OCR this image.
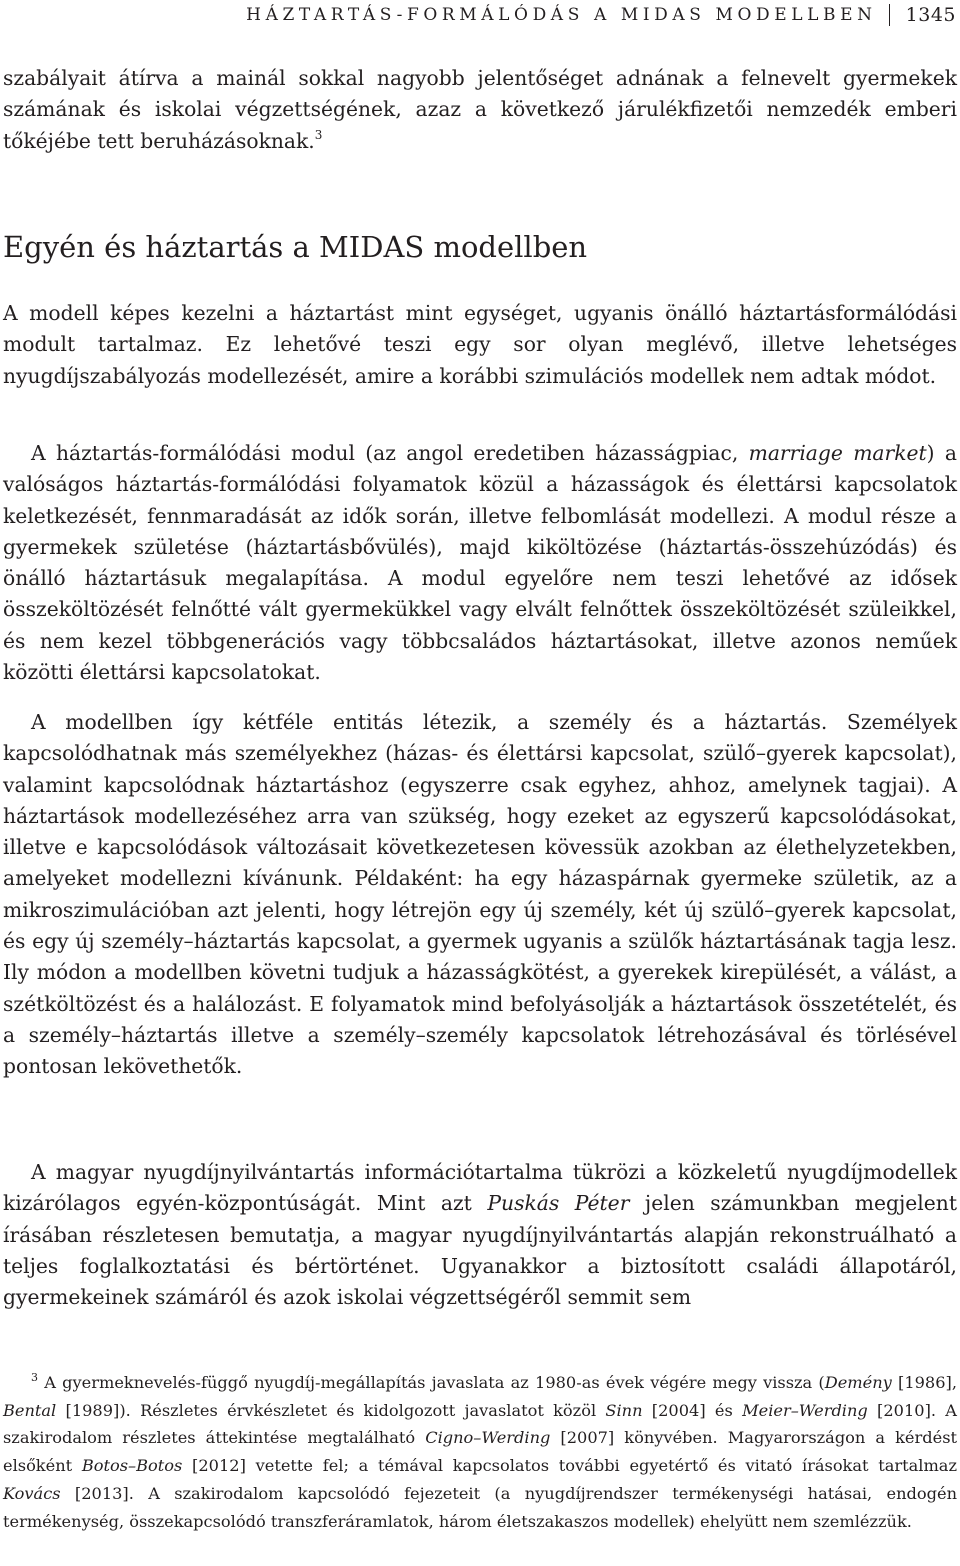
HÁZTARTÁS-FORMÁLÓDÁS A MIDAS MODELLBEN 1345

szabályait átírva a mainál sokkal nagyobb jelentőséget adnának a felnevelt gyermekek számának és iskolai végzettségének, azaz a következő járulékfizetői nemzedék emberi tőkéjébe tett beruházásoknak.$^3$

Egyén és háztartás a MIDAS modellben

A modell képes kezelni a háztartást mint egységet, ugyanis önálló háztartásformálódási modult tartalmaz. Ez lehetővé teszi egy sor olyan meglévő, illetve lehetséges nyugdíjszabályozás modellezését, amire a korábbi szimulációs modellek nem adtak módot.

A háztartás-formálódási modul (az angol eredetiben házasságpiac, marriage market) a valóságos háztartás-formálódási folyamatok közül a házasságok és élettársi kapcsolatok keletkezését, fennmaradását az idők során, illetve felbomlását modellezi. A modul része a gyermekek születése (háztartásbővülés), majd kiköltözése (háztartás-összehúzódás) és önálló háztartásuk megalapítása. A modul egyelőre nem teszi lehetővé az idősek összeköltözését felnőtté vált gyermekükkel vagy elvált felnőttek összeköltözését szüleikkel, és nem kezel többgenerációs vagy többcsaládos háztartásokat, illetve azonos neműek közötti élettársi kapcsolatokat.

A modellben így kétféle entitás létezik, a személy és a háztartás. Személyek kapcsolódhatnak más személyekhez (házas- és élettársi kapcsolat, szülő–gyerek kapcsolat), valamint kapcsolódnak háztartáshoz (egyszerre csak egyhez, ahhoz, amelynek tagjai). A háztartások modellezéséhez arra van szükség, hogy ezeket az egyszerű kapcsolódásokat, illetve e kapcsolódások változásait következetesen kövessük azokban az élethelyzetekben, amelyeket modellezni kívánunk. Példaként: ha egy házaspárnak gyermeke születik, az a mikroszimulációban azt jelenti, hogy létrejön egy új személy, két új szülő–gyerek kapcsolat, és egy új személy–háztartás kapcsolat, a gyermek ugyanis a szülők háztartásának tagja lesz. Ily módon a modellben követni tudjuk a házasságkötést, a gyerekek kirepülését, a válást, a szétköltözést és a halálozást. E folyamatok mind befolyásolják a háztartások összetételét, és a személy–háztartás illetve a személy–személy kapcsolatok létrehozásával és törlésével pontosan lekövethetők.

A magyar nyugdíjnyilvántartás információtartalma tükrözi a közkeletű nyugdíjmodellek kizárólagos egyén-központúságát. Mint azt Puskás Péter jelen számunkban megjelent írásában részletesen bemutatja, a magyar nyugdíjnyilvántartás alapján rekonstruálható a teljes foglalkoztatási és bértörténet. Ugyanakkor a biztosított családi állapotáról, gyermekeinek számáról és azok iskolai végzettségéről semmit sem

$^3$ A gyermeknevelés-függő nyugdíj-megállapítás javaslata az 1980-as évek végére megy vissza (Demény [1986], Bental [1989]). Részletes érvkészletet és kidolgozott javaslatot közöl Sinn [2004] és Meier–Werding [2010]. A szakirodalom részletes áttekintése megtalálható Cigno–Werding [2007] könyvében. Magyarországon a kérdést elsőként Botos–Botos [2012] vetette fel; a témával kapcsolatos további egyetértő és vitató írásokat tartalmaz Kovács [2013]. A szakirodalom kapcsolódó fejezeteit (a nyugdíjrendszer termékenységi hatásai, endogén termékenység, összekapcsolódó transzferáramlatok, három életszakaszos modellek) ehelyütt nem szemlézzük.
